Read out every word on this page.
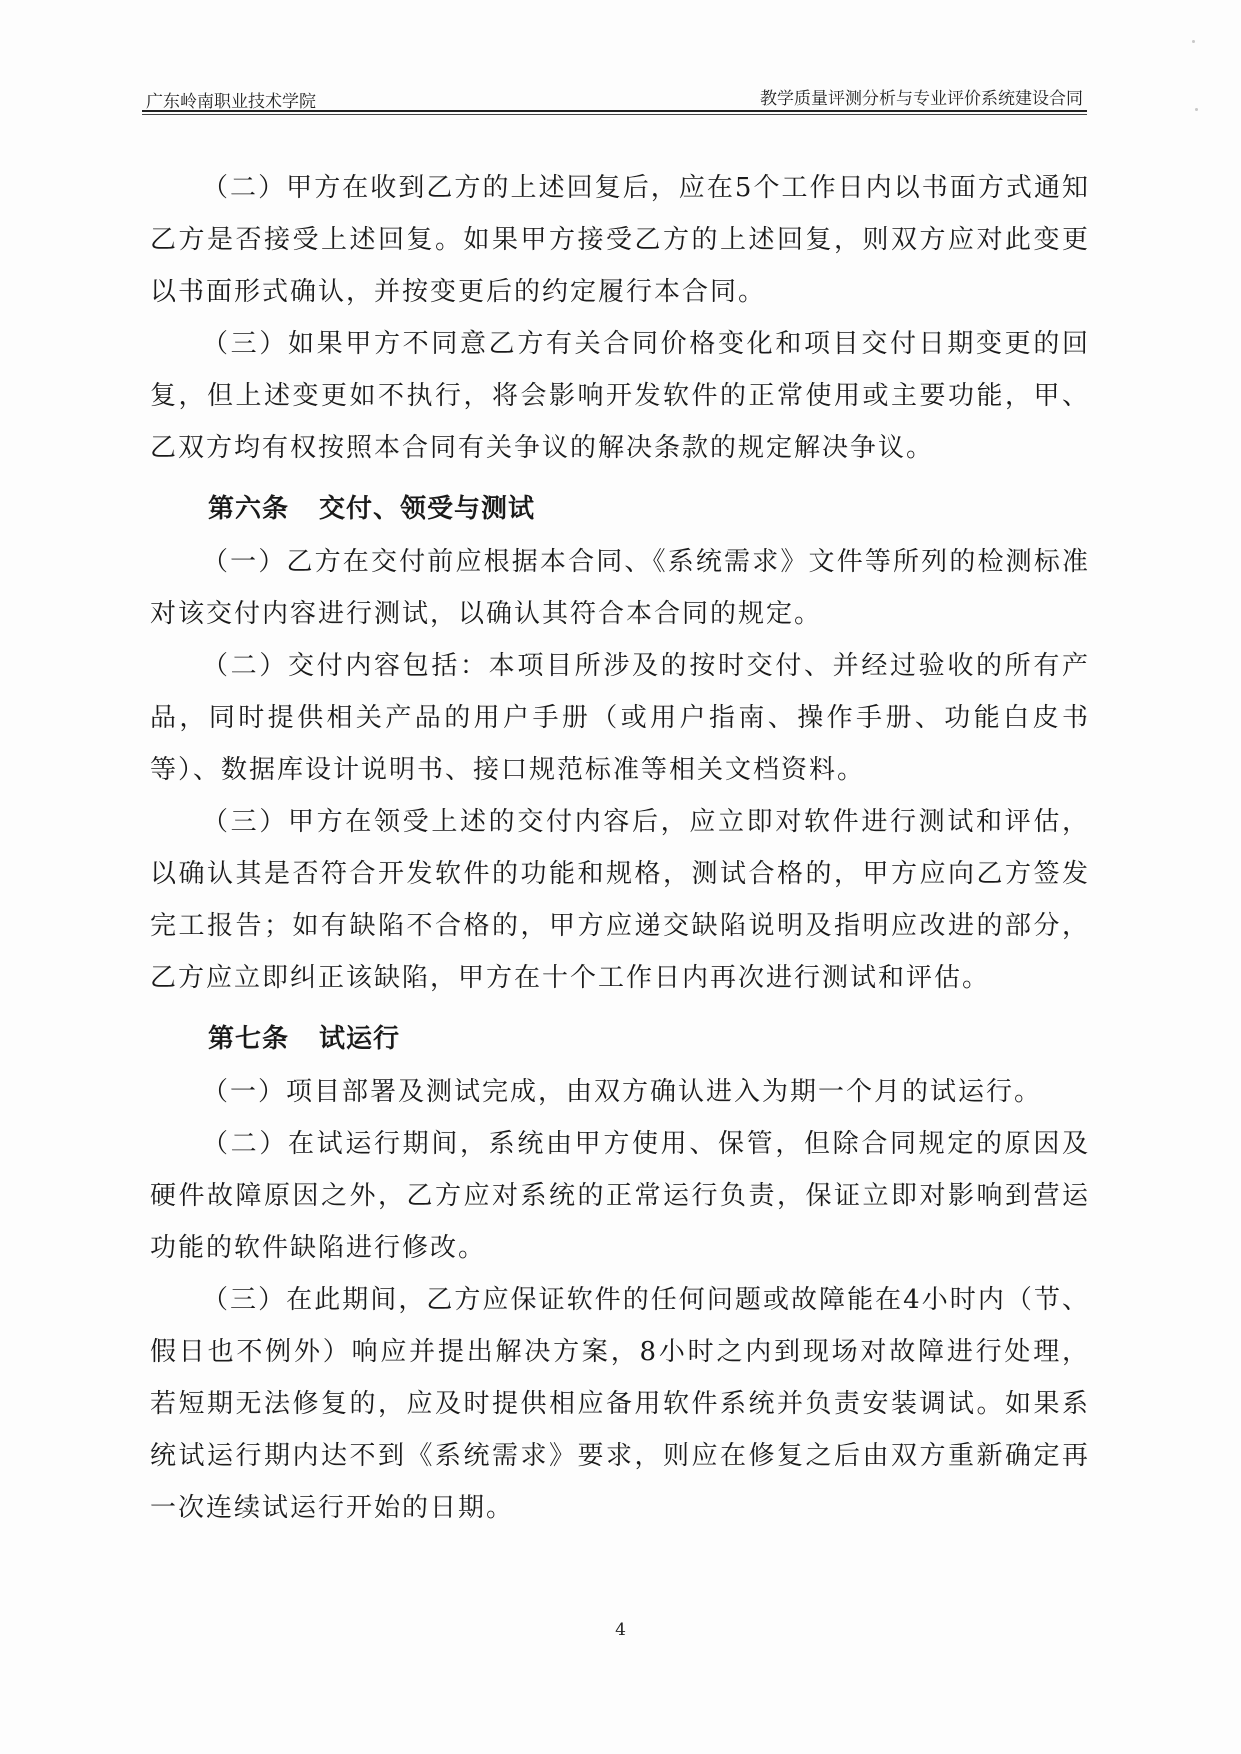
广东岭南职业技术学院	教学质量评测分析与专业评价系统建设合同

（二）甲方在收到乙方的上述回复后，应在5个工作日内以书面方式通知乙方是否接受上述回复。如果甲方接受乙方的上述回复，则双方应对此变更以书面形式确认，并按变更后的约定履行本合同。

（三）如果甲方不同意乙方有关合同价格变化和项目交付日期变更的回复，但上述变更如不执行，将会影响开发软件的正常使用或主要功能，甲、乙双方均有权按照本合同有关争议的解决条款的规定解决争议。

第六条 交付、领受与测试

（一）乙方在交付前应根据本合同、《系统需求》文件等所列的检测标准对该交付内容进行测试，以确认其符合本合同的规定。

（二）交付内容包括：本项目所涉及的按时交付、并经过验收的所有产品，同时提供相关产品的用户手册（或用户指南、操作手册、功能白皮书等）、数据库设计说明书、接口规范标准等相关文档资料。

（三）甲方在领受上述的交付内容后，应立即对软件进行测试和评估，以确认其是否符合开发软件的功能和规格，测试合格的，甲方应向乙方签发完工报告；如有缺陷不合格的，甲方应递交缺陷说明及指明应改进的部分，乙方应立即纠正该缺陷，甲方在十个工作日内再次进行测试和评估。

第七条 试运行

（一）项目部署及测试完成，由双方确认进入为期一个月的试运行。

（二）在试运行期间，系统由甲方使用、保管，但除合同规定的原因及硬件故障原因之外，乙方应对系统的正常运行负责，保证立即对影响到营运功能的软件缺陷进行修改。

（三）在此期间，乙方应保证软件的任何问题或故障能在4小时内（节、假日也不例外）响应并提出解决方案，8小时之内到现场对故障进行处理，若短期无法修复的，应及时提供相应备用软件系统并负责安装调试。如果系统试运行期内达不到《系统需求》要求，则应在修复之后由双方重新确定再一次连续试运行开始的日期。

4
